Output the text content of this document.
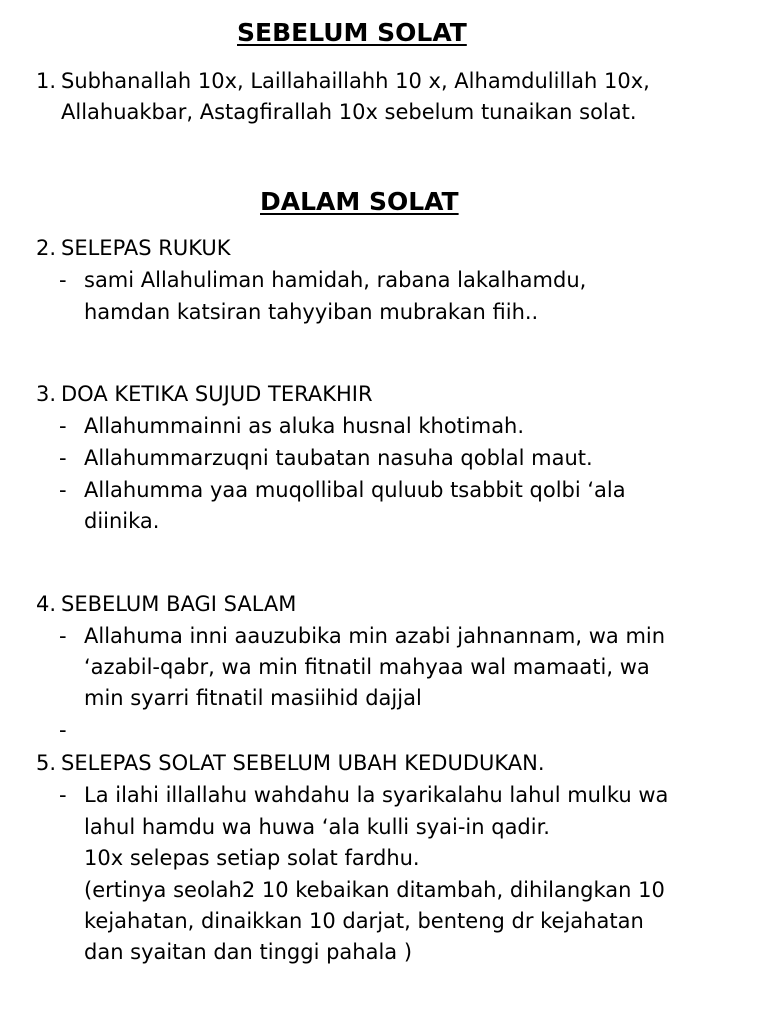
SEBELUM SOLAT
1. Subhanallah 10x, Laillahaillahh 10 x, Alhamdulillah 10x,
Allahuakbar, Astagfirallah 10x sebelum tunaikan solat.
DALAM SOLAT
2. SELEPAS RUKUK
- sami Allahuliman hamidah, rabana lakalhamdu,
hamdan katsiran tahyyiban mubrakan fiih..
3. DOA KETIKA SUJUD TERAKHIR
- Allahummainni as aluka husnal khotimah.
- Allahummarzuqni taubatan nasuha qoblal maut.
- Allahumma yaa muqollibal quluub tsabbit qolbi ‘ala
diinika.
4. SEBELUM BAGI SALAM
- Allahuma inni aauzubika min azabi jahnannam, wa min
‘azabil-qabr, wa min fitnatil mahyaa wal mamaati, wa
min syarri fitnatil masiihid dajjal
-
5. SELEPAS SOLAT SEBELUM UBAH KEDUDUKAN.
- La ilahi illallahu wahdahu la syarikalahu lahul mulku wa
lahul hamdu wa huwa ‘ala kulli syai-in qadir.
10x selepas setiap solat fardhu.
(ertinya seolah2 10 kebaikan ditambah, dihilangkan 10
kejahatan, dinaikkan 10 darjat, benteng dr kejahatan
dan syaitan dan tinggi pahala )
